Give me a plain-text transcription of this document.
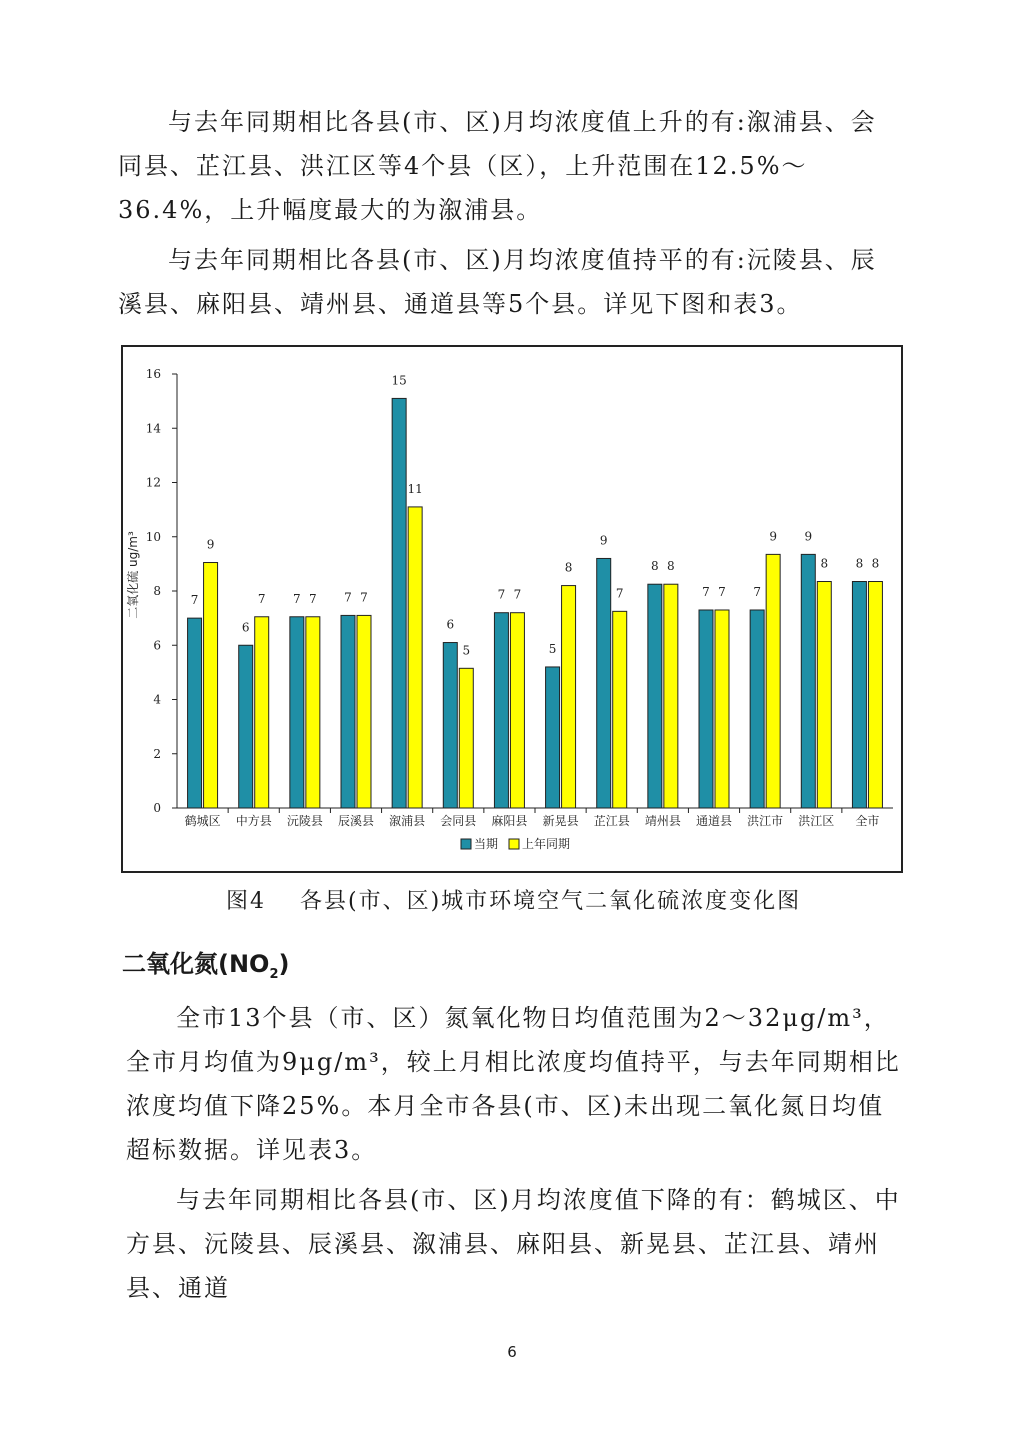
与去年同期相比各县(市、区)月均浓度值上升的有:溆浦县、会同县、芷江县、洪江区等4个县（区），上升范围在12.5%～36.4%，上升幅度最大的为溆浦县。

与去年同期相比各县(市、区)月均浓度值持平的有:沅陵县、辰溪县、麻阳县、靖州县、通道县等5个县。详见下图和表3。

0
2
4
6
8
10
12
14
16
二氧化硫 ug/m³	7
9
鹤城区
6
7
中方县
7 7
沅陵县
7 7
辰溪县
15
11
溆浦县
6
5
会同县
7 7
麻阳县
5
8
新晃县
9
7
芷江县
8 8
靖州县
7 7
通道县
7
9
洪江市
9
8
洪江区
8 8
全市
当期 上年同期
图4 各县(市、区)城市环境空气二氧化硫浓度变化图
二氧化氮$(NO_2)$

全市13个县（市、区）氮氧化物日均值范围为2～32μg/m³，全市月均值为9μg/m³，较上月相比浓度均值持平，与去年同期相比浓度均值下降25%。本月全市各县(市、区)未出现二氧化氮日均值超标数据。详见表3。

与去年同期相比各县(市、区)月均浓度值下降的有：鹤城区、中方县、沅陵县、辰溪县、溆浦县、麻阳县、新晃县、芷江县、靖州县、通道

6
